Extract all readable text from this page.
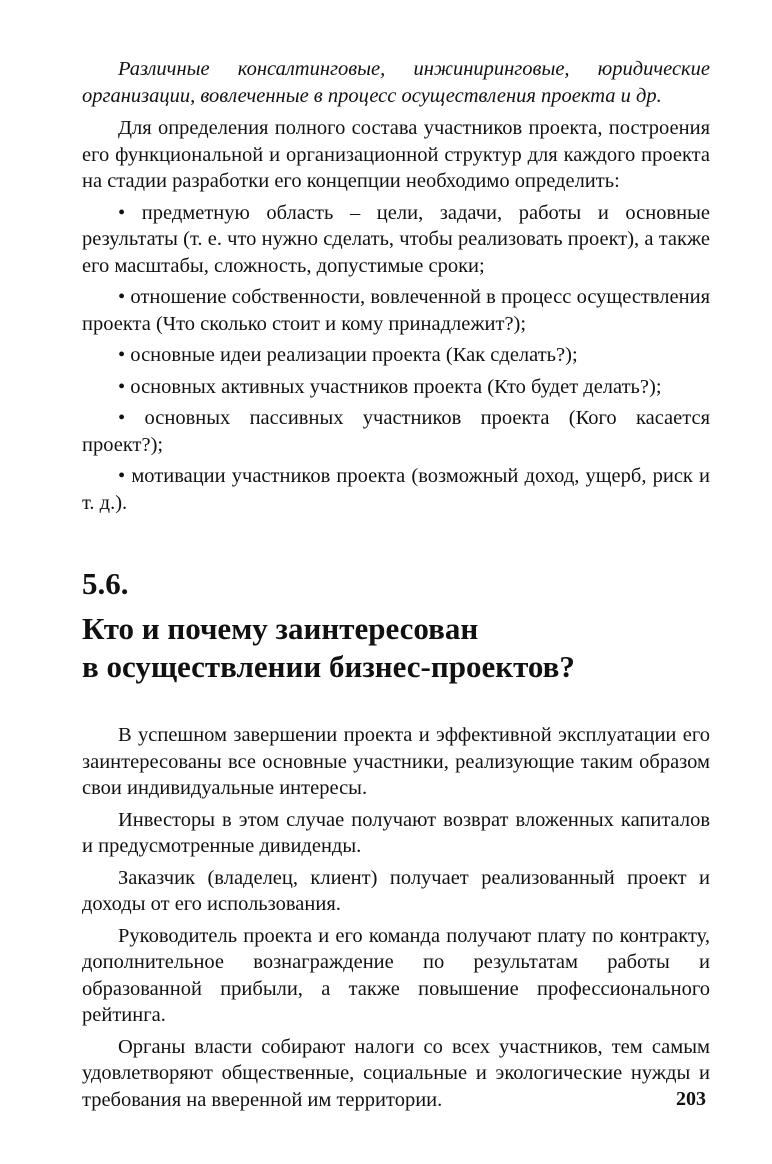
Различные консалтинговые, инжиниринговые, юридические организации, вовлеченные в процесс осуществления проекта и др.

Для определения полного состава участников проекта, построения его функциональной и организационной структур для каждого проекта на стадии разработки его концепции необходимо определить:

• предметную область – цели, задачи, работы и основные результаты (т. е. что нужно сделать, чтобы реализовать проект), а также его масштабы, сложность, допустимые сроки;

• отношение собственности, вовлеченной в процесс осуществления проекта (Что сколько стоит и кому принадлежит?);

• основные идеи реализации проекта (Как сделать?);

• основных активных участников проекта (Кто будет делать?);

• основных пассивных участников проекта (Кого касается проект?);

• мотивации участников проекта (возможный доход, ущерб, риск и т. д.).

5.6.
Кто и почему заинтересован
в осуществлении бизнес-проектов?

В успешном завершении проекта и эффективной эксплуатации его заинтересованы все основные участники, реализующие таким образом свои индивидуальные интересы.

Инвесторы в этом случае получают возврат вложенных капиталов и предусмотренные дивиденды.

Заказчик (владелец, клиент) получает реализованный проект и доходы от его использования.

Руководитель проекта и его команда получают плату по контракту, дополнительное вознаграждение по результатам работы и образованной прибыли, а также повышение профессионального рейтинга.

Органы власти собирают налоги со всех участников, тем самым удовлетворяют общественные, социальные и экологические нужды и требования на вверенной им территории.	203
